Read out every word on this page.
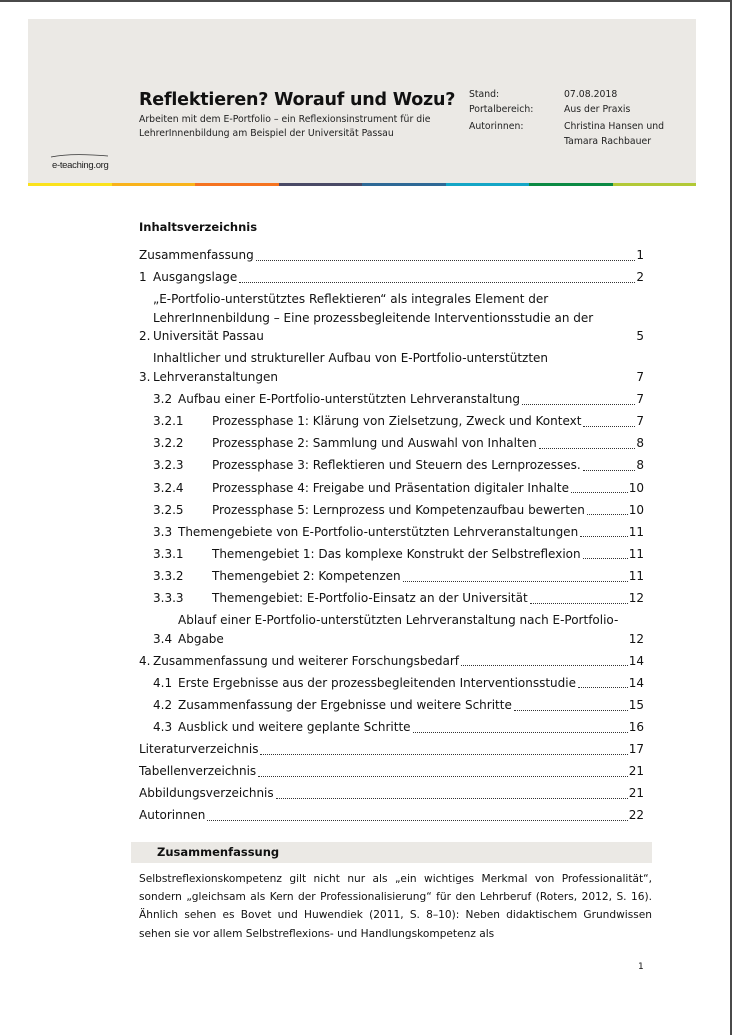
e-teaching.org
Reflektieren? Worauf und Wozu?
Arbeiten mit dem E-Portfolio – ein Reflexionsinstrument für die LehrerInnenbildung am Beispiel der Universität Passau
Stand:	07.08.2018
Portalbereich:	Aus der Praxis
Autorinnen:	Christina Hansen und Tamara Rachbauer
Inhaltsverzeichnis
Zusammenfassung	1
1 Ausgangslage	2
2.
„E-Portfolio-unterstütztes Reflektieren“ als integrales Element der LehrerInnenbildung – Eine prozessbegleitende Interventionsstudie an der Universität Passau	5
3.
Inhaltlicher und struktureller Aufbau von E-Portfolio-unterstützten Lehrveranstaltungen	7
3.2 Aufbau einer E-Portfolio-unterstützten Lehrveranstaltung	7
3.2.1	Prozessphase 1: Klärung von Zielsetzung, Zweck und Kontext	7
3.2.2	Prozessphase 2: Sammlung und Auswahl von Inhalten	8
3.2.3	Prozessphase 3: Reflektieren und Steuern des Lernprozesses.	8
3.2.4	Prozessphase 4: Freigabe und Präsentation digitaler Inhalte	10
3.2.5	Prozessphase 5: Lernprozess und Kompetenzaufbau bewerten	10
3.3 Themengebiete von E-Portfolio-unterstützten Lehrveranstaltungen	11
3.3.1	Themengebiet 1: Das komplexe Konstrukt der Selbstreflexion	11
3.3.2	Themengebiet 2: Kompetenzen	11
3.3.3	Themengebiet: E-Portfolio-Einsatz an der Universität	12
3.4
Ablauf einer E-Portfolio-unterstützten Lehrveranstaltung nach E-Portfolio-Abgabe	12
4. Zusammenfassung und weiterer Forschungsbedarf	14
4.1 Erste Ergebnisse aus der prozessbegleitenden Interventionsstudie	14
4.2 Zusammenfassung der Ergebnisse und weitere Schritte	15
4.3 Ausblick und weitere geplante Schritte	16
Literaturverzeichnis	17
Tabellenverzeichnis	21
Abbildungsverzeichnis	21
Autorinnen	22
Zusammenfassung
Selbstreflexionskompetenz gilt nicht nur als „ein wichtiges Merkmal von Professionalität“, sondern „gleichsam als Kern der Professionalisierung“ für den Lehrberuf (Roters, 2012, S. 16). Ähnlich sehen es Bovet und Huwendiek (2011, S. 8–10): Neben didaktischem Grundwissen sehen sie vor allem Selbstreflexions- und Handlungskompetenz als
1
